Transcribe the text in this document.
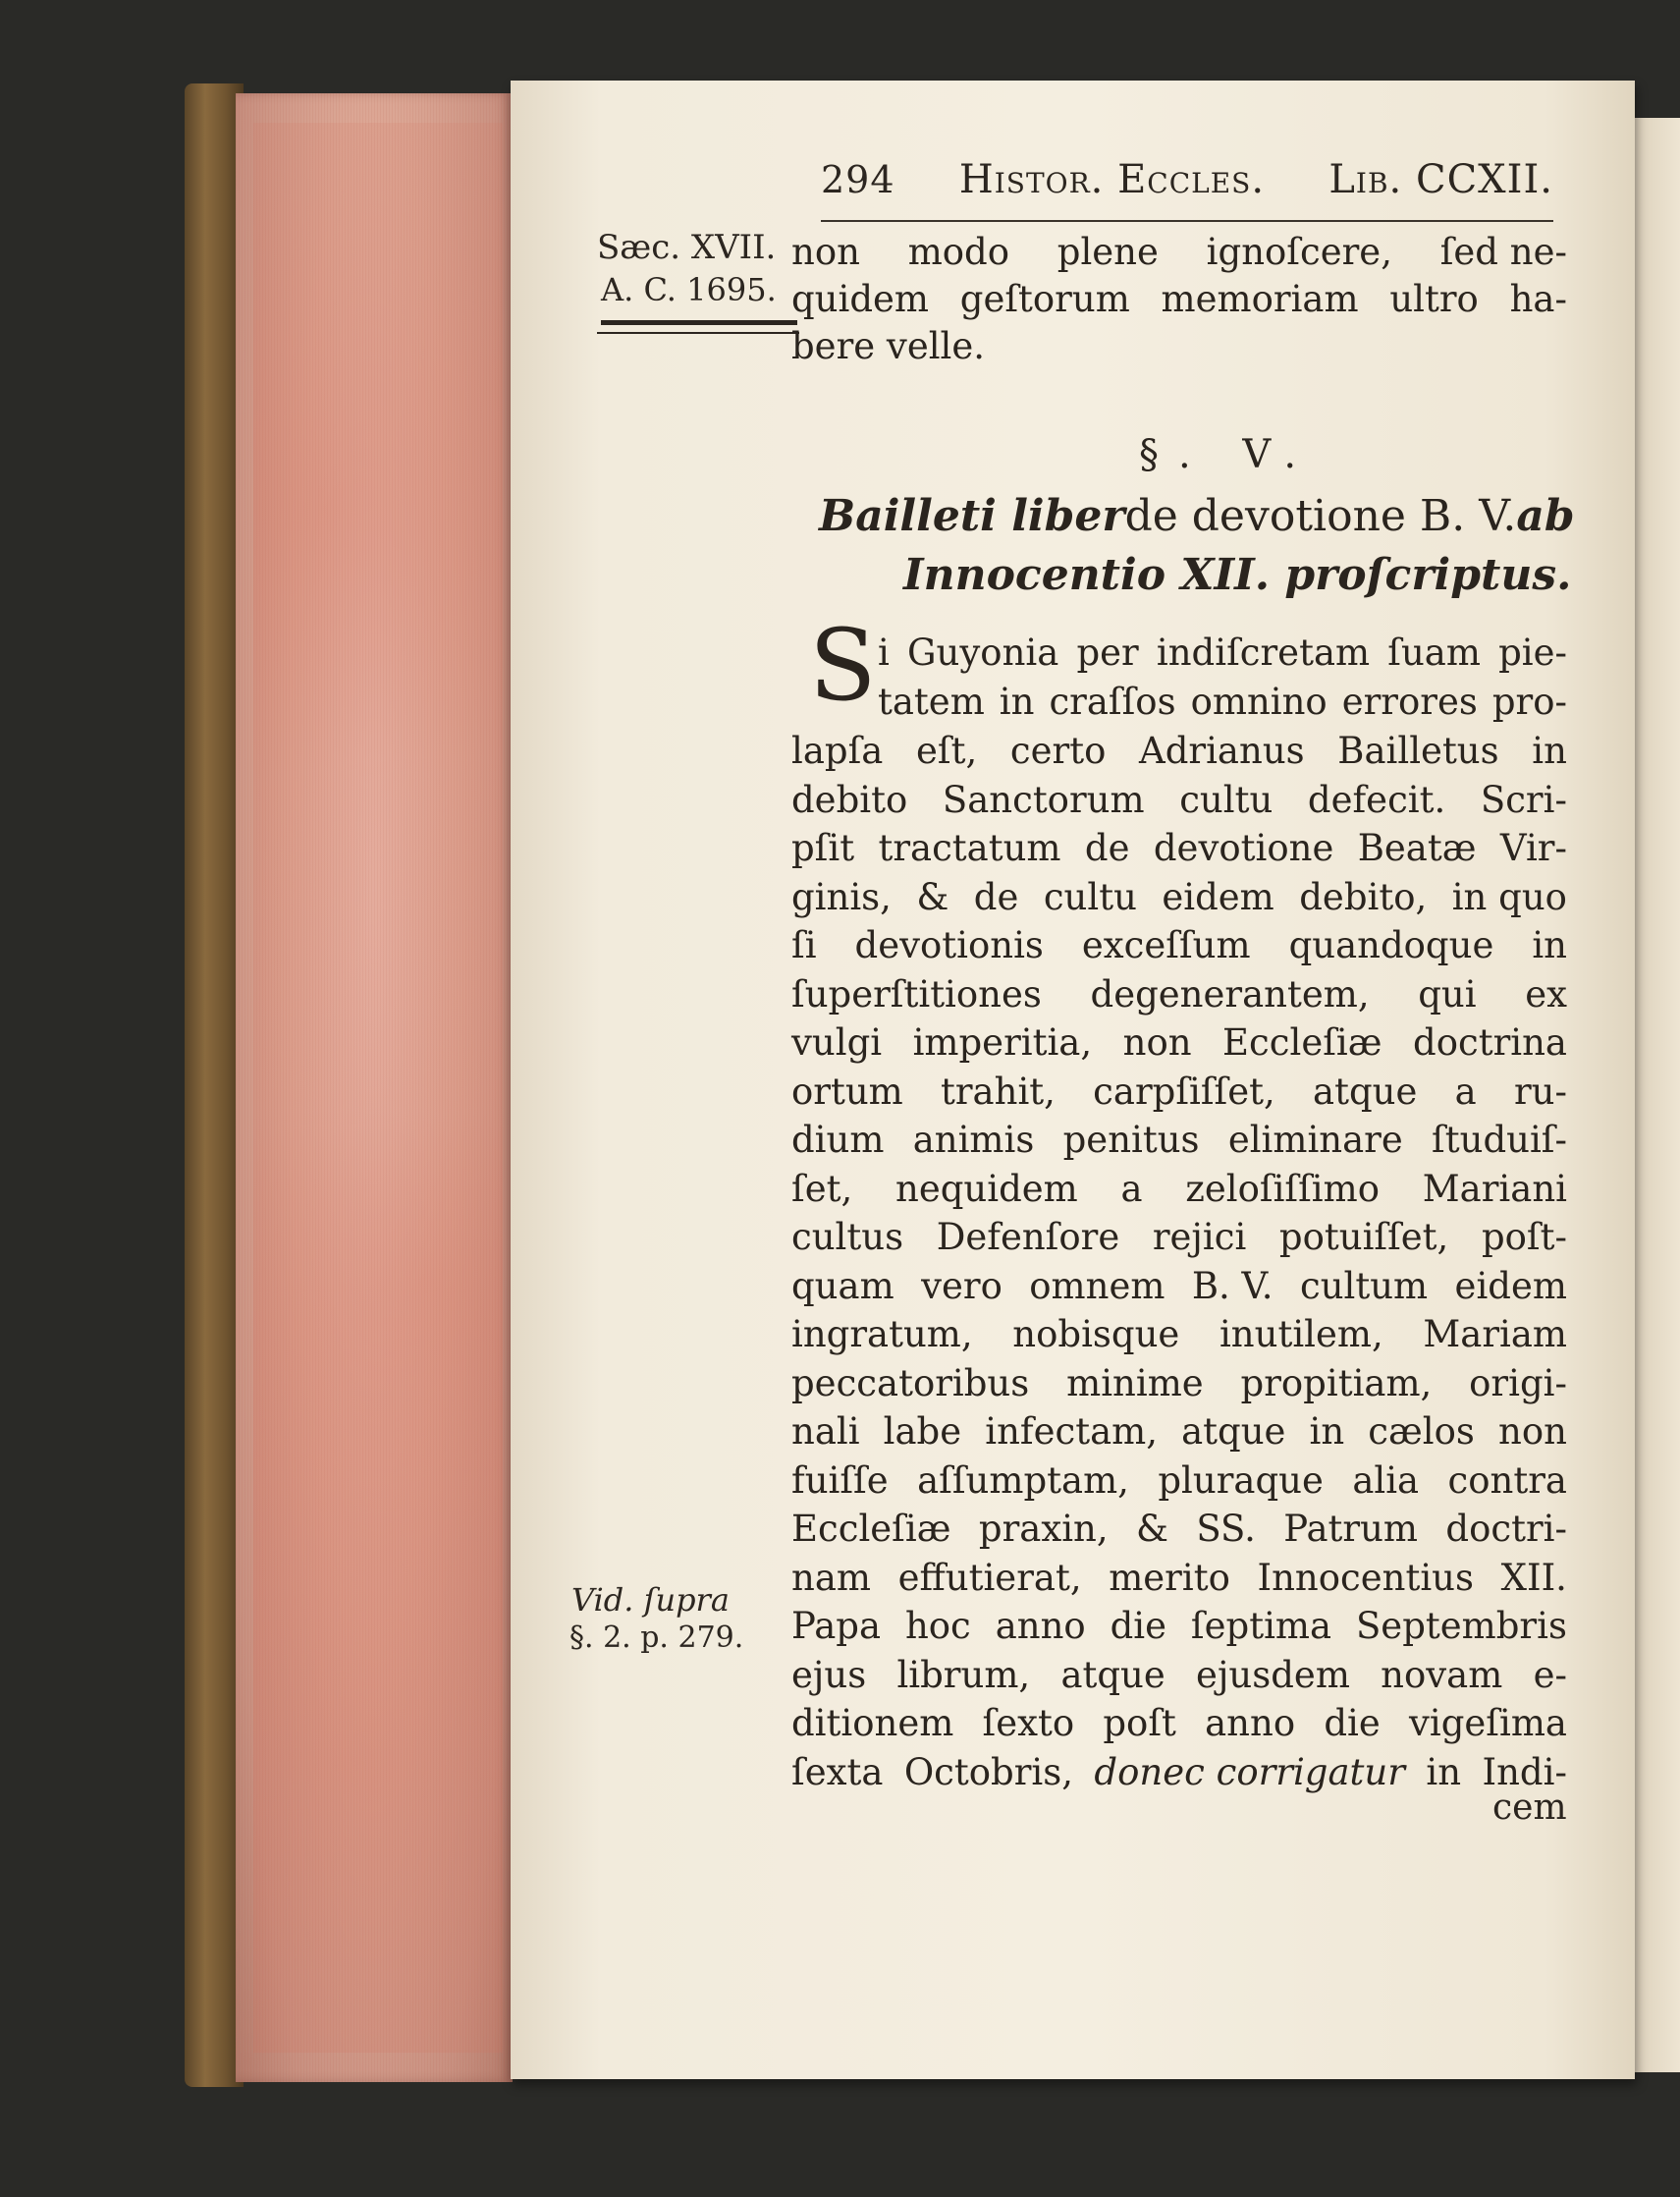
294 Histor. Eccles. Lib. CCXII.
Sæc. XVII.
A. C. 1695.
non modo plene ignoſcere, ſed ne-
quidem geſtorum memoriam ultro ha-
bere velle.
§. V.
Bailleti liber de devotione B. V. ab
Innocentio XII. proſcriptus.
S i Guyonia per indiſcretam ſuam pie-
tatem in craſſos omnino errores pro-
lapſa eſt, certo Adrianus Bailletus in
debito Sanctorum cultu defecit. Scri-
pſit tractatum de devotione Beatæ Vir-
ginis, & de cultu eidem debito, in quo
ſi devotionis exceſſum quandoque in
ſuperſtitiones degenerantem, qui ex
vulgi imperitia, non Eccleſiæ doctrina
ortum trahit, carpſiſſet, atque a ru-
dium animis penitus eliminare ſtuduiſ-
ſet, nequidem a zeloſiſſimo Mariani
cultus Defenſore rejici potuiſſet, poſt-
quam vero omnem B. V. cultum eidem
ingratum, nobisque inutilem, Mariam
peccatoribus minime propitiam, origi-
nali labe infectam, atque in cælos non
fuiſſe aſſumptam, pluraque alia contra
Eccleſiæ praxin, & SS. Patrum doctri-
nam effutierat, merito Innocentius XII.
Papa hoc anno die ſeptima Septembris
ejus librum, atque ejusdem novam e-
ditionem ſexto poſt anno die vigeſima
ſexta Octobris, donec corrigatur in Indi-
Vid. ſupra
§. 2. p. 279.
cem
